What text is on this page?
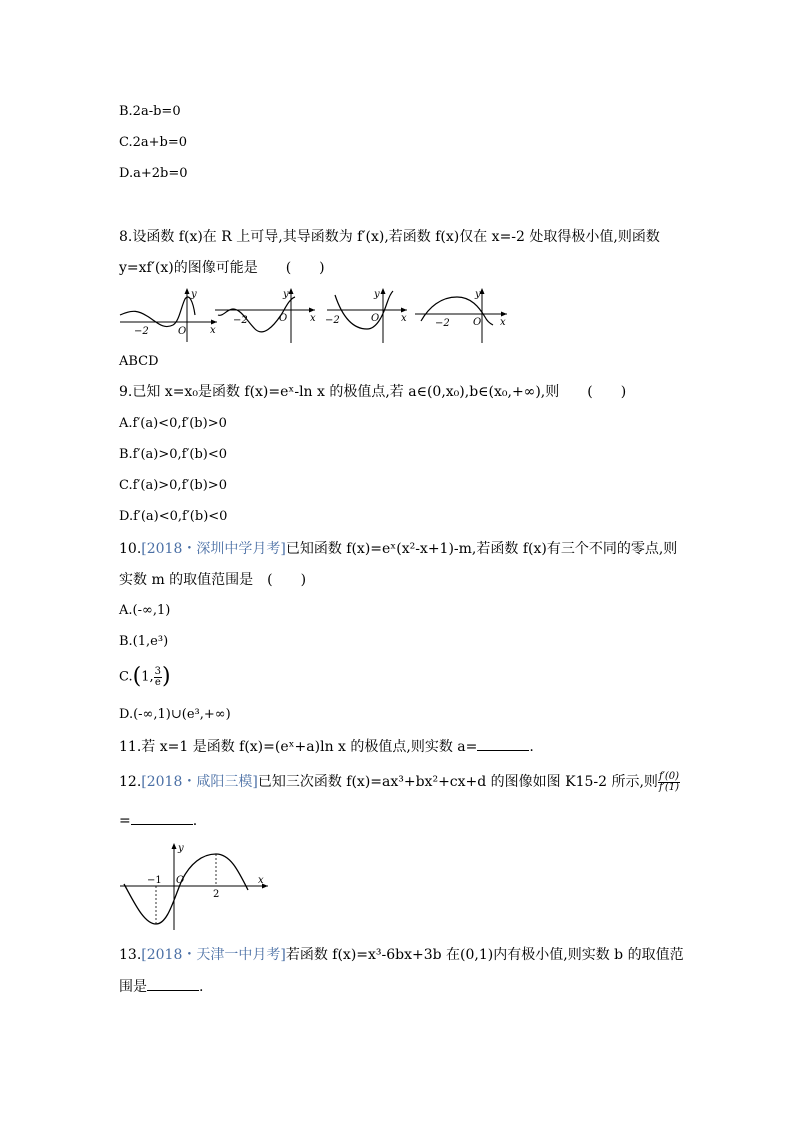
B.2a-b=0
C.2a+b=0
D.a+2b=0
8.设函数 f(x)在 R 上可导,其导函数为 f′(x),若函数 f(x)仅在 x=-2 处取得极小值,则函数
y=xf′(x)的图像可能是　　(　　)
−2	O
y
x
−2	O
y
x −2	O
y
x	−2 O
y
x
ABCD
9.已知 x=x₀是函数 f(x)=eˣ-ln x 的极值点,若 a∈(0,x₀),b∈(x₀,+∞),则　　(　　)
A.f′(a)<0,f′(b)>0
B.f′(a)>0,f′(b)<0
C.f′(a)>0,f′(b)>0
D.f′(a)<0,f′(b)<0
10.[2018・深圳中学月考]已知函数 f(x)=eˣ(x²-x+1)-m,若函数 f(x)有三个不同的零点,则
实数 m 的取值范围是　(　　)
A.(-∞,1)
B.(1,e³)
C.(1, $\frac{3}{e}$ )
D.(-∞,1)∪(e³,+∞)
11.若 x=1 是函数 f(x)=(eˣ+a)ln x 的极值点,则实数 a=	.
12.[2018・咸阳三模]已知三次函数 f(x)=ax³+bx²+cx+d 的图像如图 K15-2 所示,则 $\frac{f'(0)}{f'(1)}$
=	.
−1 O
2
y
x
13.[2018・天津一中月考]若函数 f(x)=x³-6bx+3b 在(0,1)内有极小值,则实数 b 的取值范
围是	.
